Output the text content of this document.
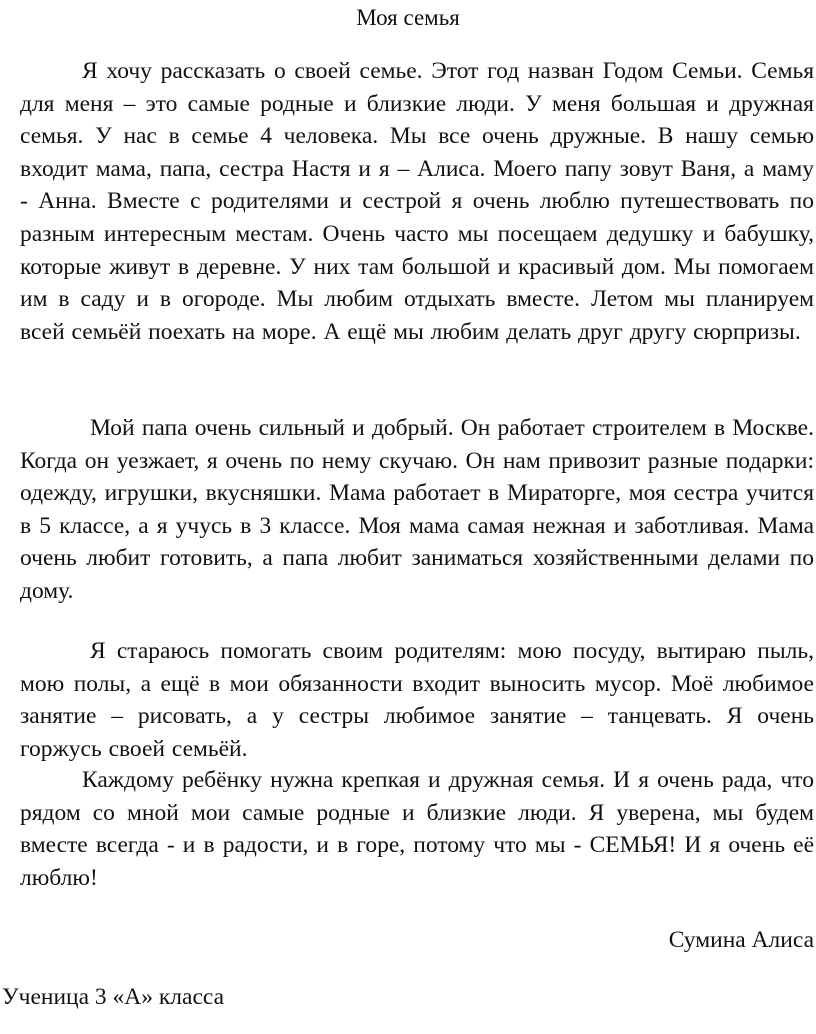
Моя семья

Я хочу рассказать о своей семье. Этот год назван Годом Семьи. Семья для меня – это самые родные и близкие люди. У меня большая и дружная семья. У нас в семье 4 человека. Мы все очень дружные. В нашу семью входит мама, папа, сестра Настя и я – Алиса. Моего папу зовут Ваня, а маму - Анна. Вместе с родителями и сестрой я очень люблю путешествовать по разным интересным местам. Очень часто мы посещаем дедушку и бабушку, которые живут в деревне. У них там большой и красивый дом. Мы помогаем им в саду и в огороде. Мы любим отдыхать вместе. Летом мы планируем всей семьёй поехать на море. А ещё мы любим делать друг другу сюрпризы.

Мой папа очень сильный и добрый. Он работает строителем в Москве. Когда он уезжает, я очень по нему скучаю. Он нам привозит разные подарки: одежду, игрушки, вкусняшки. Мама работает в Мираторге, моя сестра учится в 5 классе, а я учусь в 3 классе. Моя мама самая нежная и заботливая. Мама очень любит готовить, а папа любит заниматься хозяйственными делами по дому.

Я стараюсь помогать своим родителям: мою посуду, вытираю пыль, мою полы, а ещё в мои обязанности входит выносить мусор. Моё любимое занятие – рисовать, а у сестры любимое занятие – танцевать. Я очень горжусь своей семьёй.

Каждому ребёнку нужна крепкая и дружная семья. И я очень рада, что рядом со мной мои самые родные и близкие люди. Я уверена, мы будем вместе всегда - и в радости, и в горе, потому что мы - СЕМЬЯ! И я очень её люблю!

Сумина Алиса
Ученица 3 «А» класса
